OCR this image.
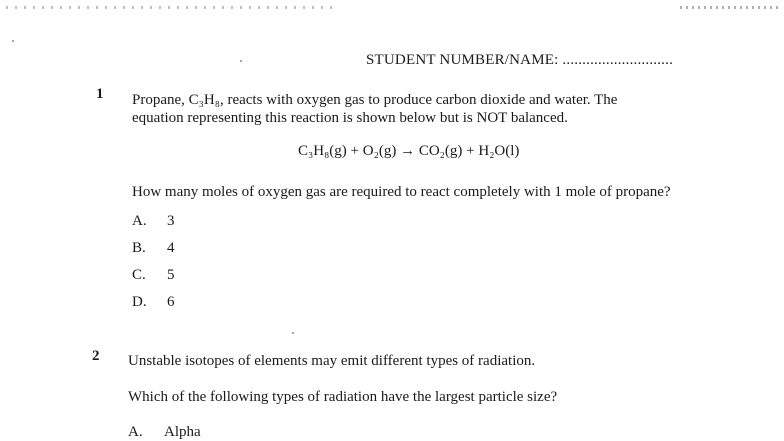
STUDENT NUMBER/NAME: ............................
1 Propane, C₃H₈, reacts with oxygen gas to produce carbon dioxide and water. The
equation representing this reaction is shown below but is NOT balanced.
C₃H₈(g) + O₂(g) → CO₂(g) + H₂O(l)
How many moles of oxygen gas are required to react completely with 1 mole of propane?
A. 3
B. 4
C. 5
D. 6
2 Unstable isotopes of elements may emit different types of radiation.
Which of the following types of radiation have the largest particle size?
A. Alpha
